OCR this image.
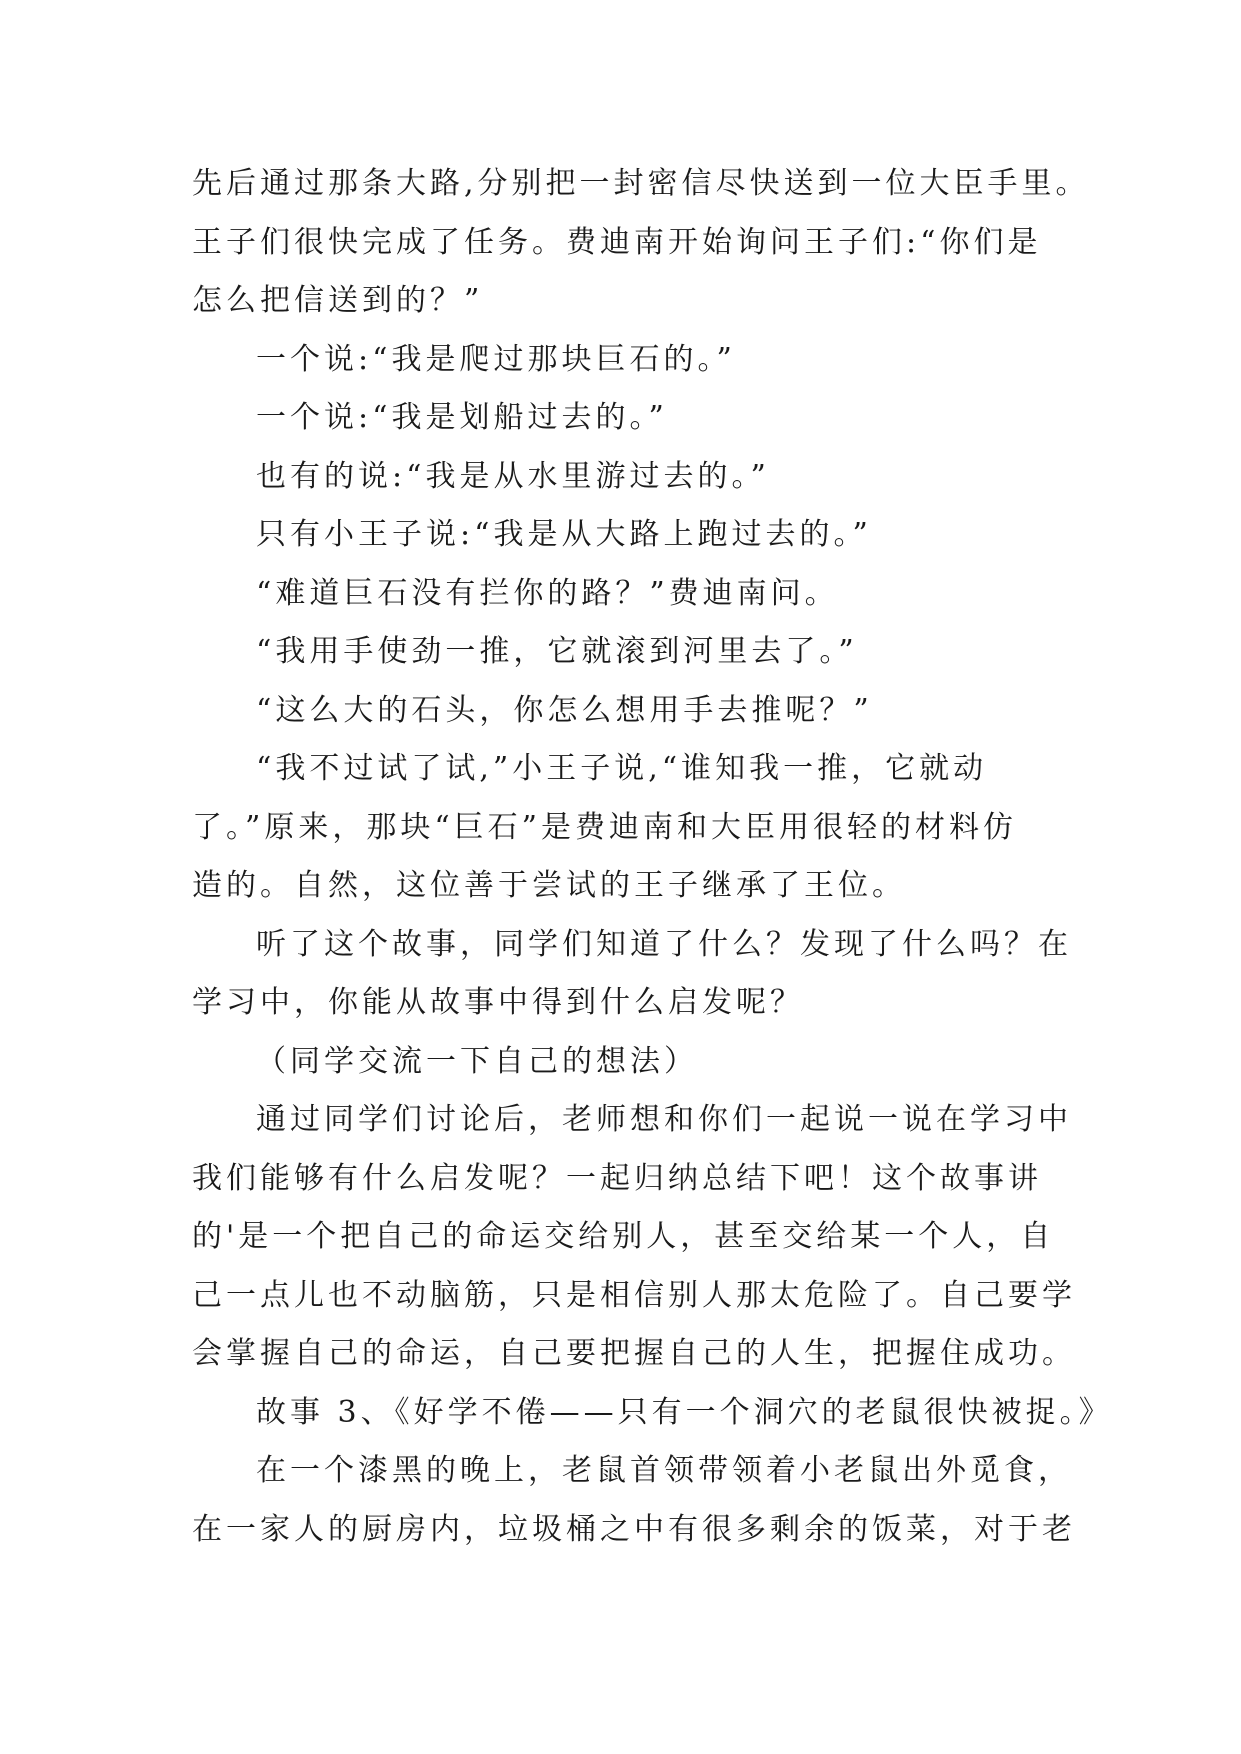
先后通过那条大路,分别把一封密信尽快送到一位大臣手里。
王子们很快完成了任务。费迪南开始询问王子们:“你们是
怎么把信送到的？”
一个说:“我是爬过那块巨石的。”
一个说:“我是划船过去的。”
也有的说:“我是从水里游过去的。”
只有小王子说:“我是从大路上跑过去的。”
“难道巨石没有拦你的路？”费迪南问。
“我用手使劲一推，它就滚到河里去了。”
“这么大的石头，你怎么想用手去推呢？”
“我不过试了试,”小王子说,“谁知我一推，它就动
了。”原来，那块“巨石”是费迪南和大臣用很轻的材料仿
造的。自然，这位善于尝试的王子继承了王位。
听了这个故事，同学们知道了什么？发现了什么吗？在
学习中，你能从故事中得到什么启发呢？
（同学交流一下自己的想法）
通过同学们讨论后，老师想和你们一起说一说在学习中
我们能够有什么启发呢？一起归纳总结下吧！这个故事讲
的'是一个把自己的命运交给别人，甚至交给某一个人，自
己一点儿也不动脑筋，只是相信别人那太危险了。自己要学
会掌握自己的命运，自己要把握自己的人生，把握住成功。
故事 3、《好学不倦——只有一个洞穴的老鼠很快被捉。》
在一个漆黑的晚上，老鼠首领带领着小老鼠出外觅食，
在一家人的厨房内，垃圾桶之中有很多剩余的饭菜，对于老
